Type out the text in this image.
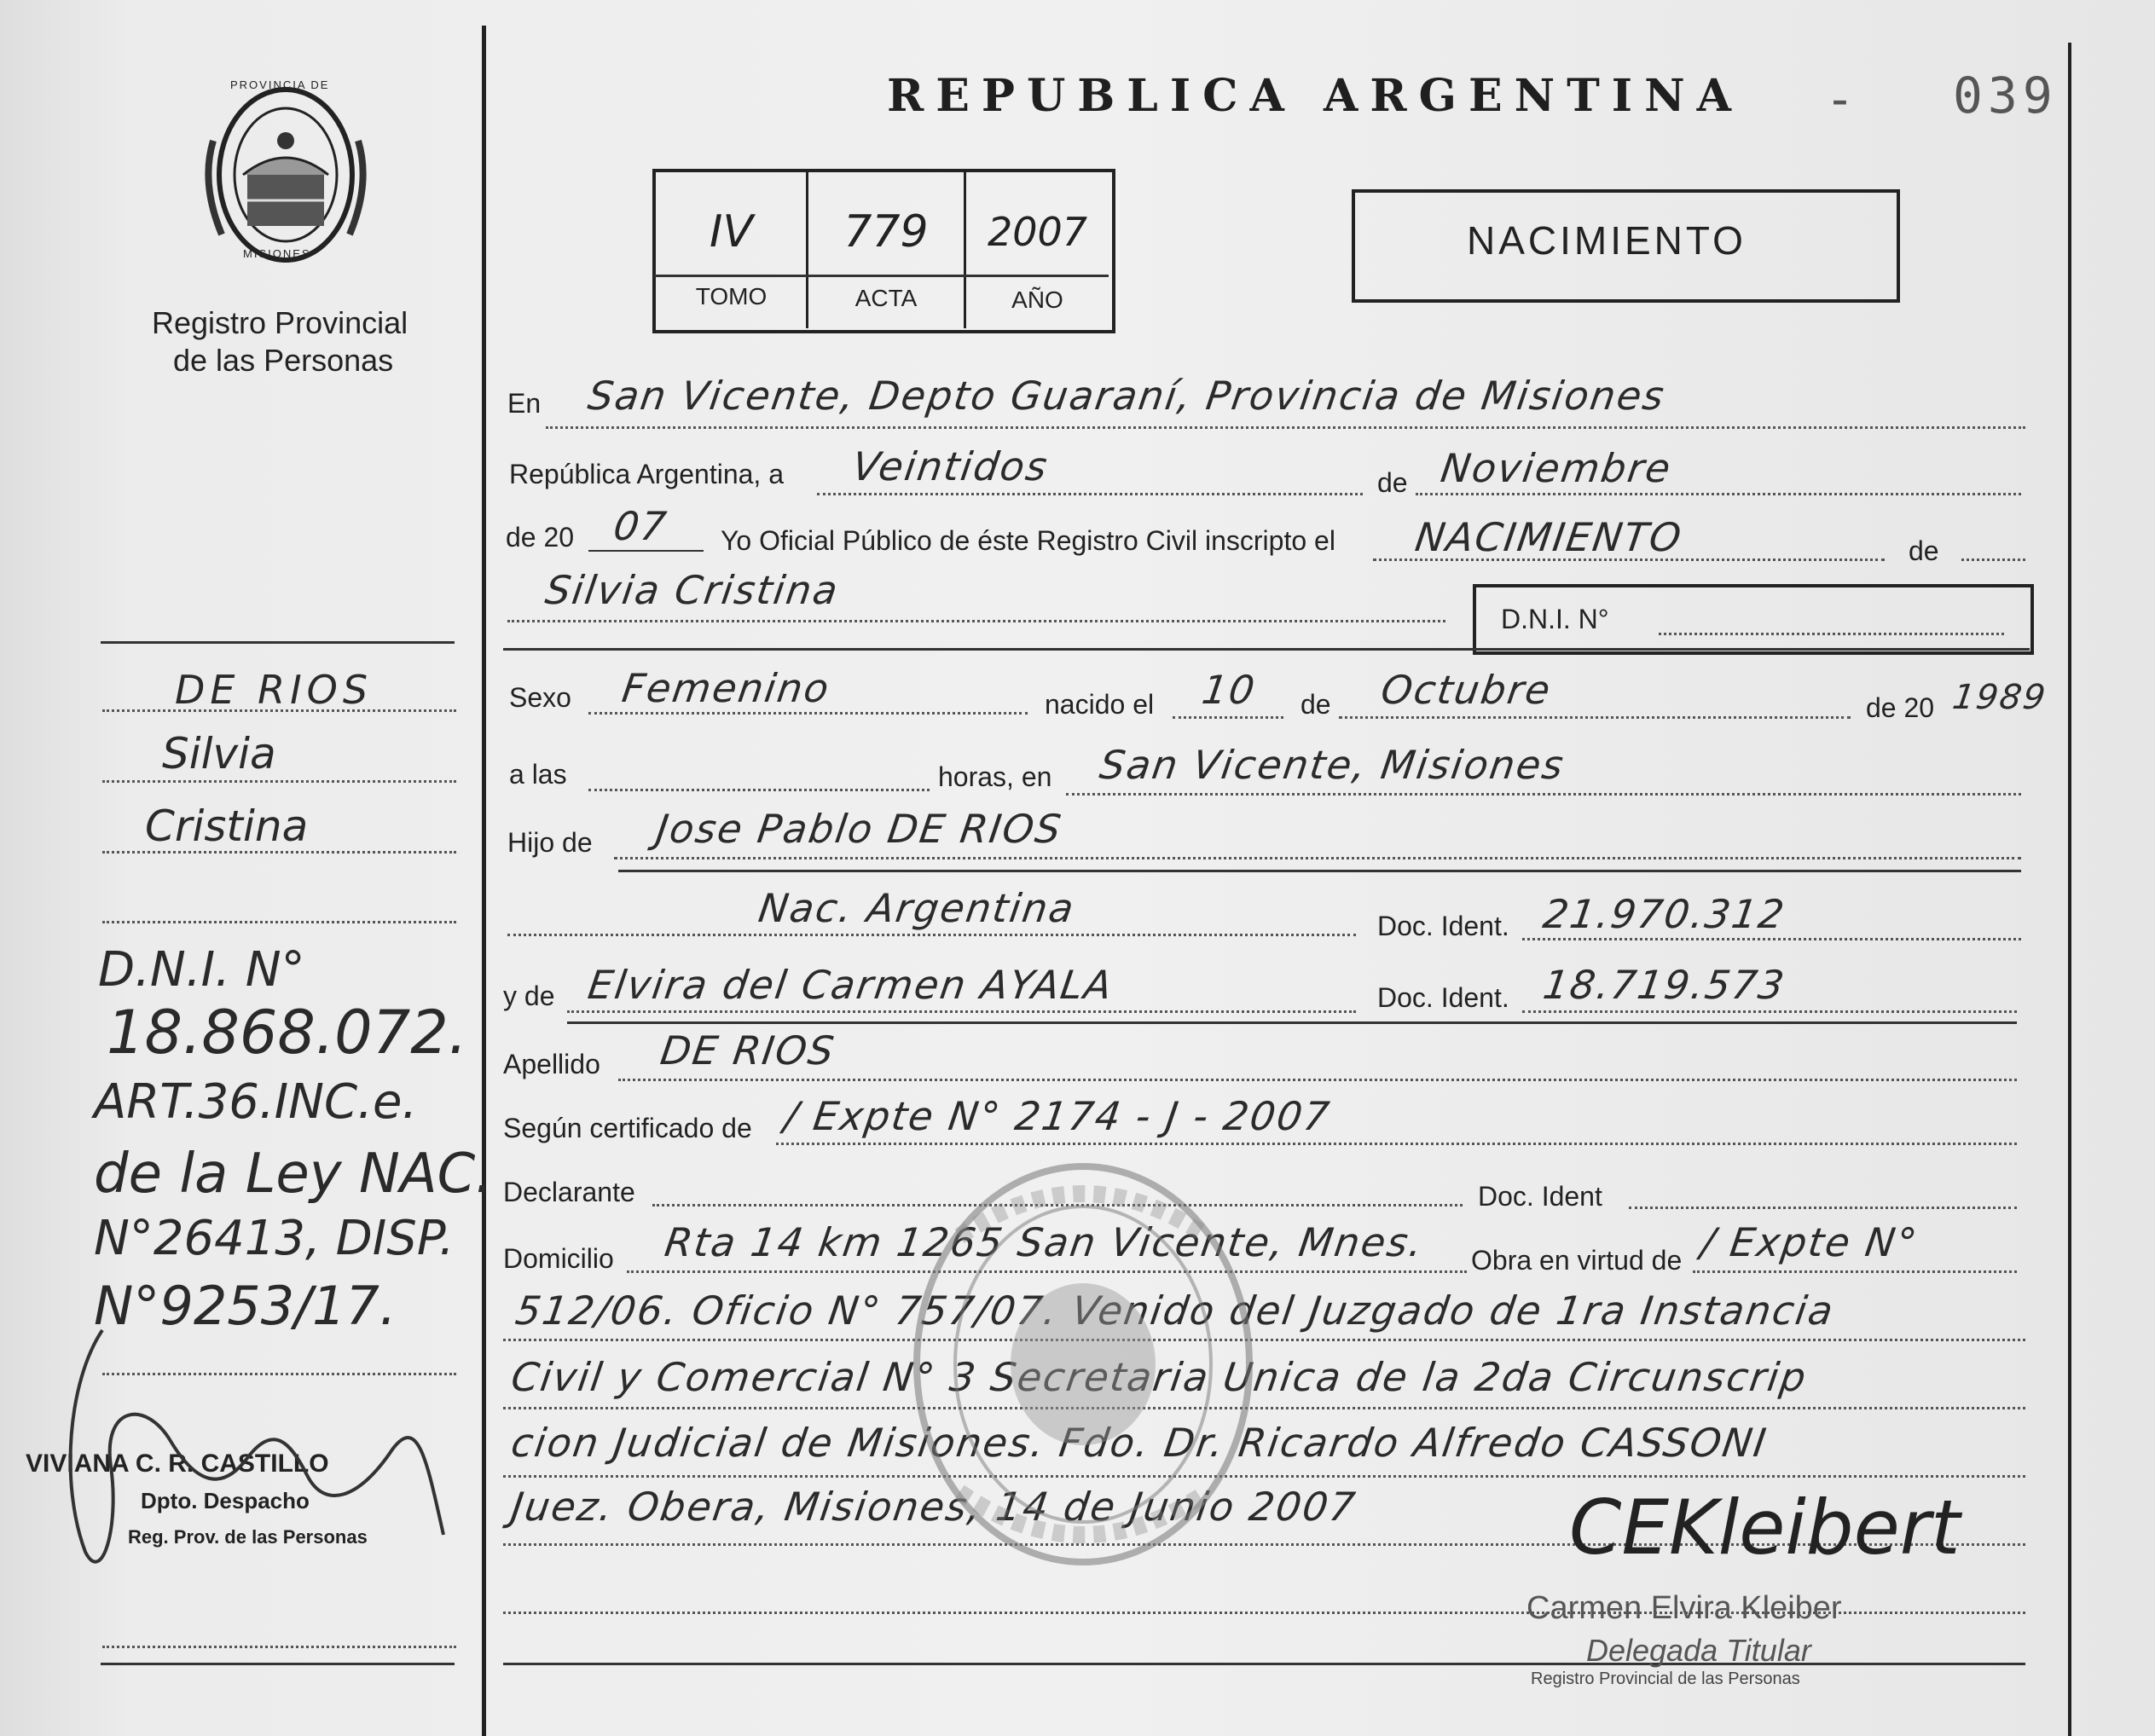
REPUBLICA ARGENTINA - 039
PROVINCIA DE
MISIONES
Registro Provincial
de las Personas
IV	779	2007
TOMO	ACTA	AÑO
NACIMIENTO
En San Vicente, Depto Guaraní, Provincia de Misiones
República Argentina, a Veintidos	de Noviembre
de 20 07 Yo Oficial Público de éste Registro Civil inscripto el NACIMIENTO	de
Silvia Cristina
D.N.I. N°
Sexo Femenino	nacido el 10 de Octubre	de 20 1989
a las	horas, en San Vicente, Misiones
Hijo de Jose Pablo DE RIOS
Nac. Argentina	Doc. Ident. 21.970.312
y de Elvira del Carmen AYALA	Doc. Ident. 18.719.573
Apellido DE RIOS
Según certificado de / Expte N° 2174 - J - 2007
Declarante	Doc. Ident
Domicilio Rta 14 km 1265 San Vicente, Mnes. Obra en virtud de / Expte N°
512/06. Oficio N° 757/07. Venido del Juzgado de 1ra Instancia
Civil y Comercial N° 3 Secretaria Unica de la 2da Circunscrip
cion Judicial de Misiones. Fdo. Dr. Ricardo Alfredo CASSONI
Juez. Obera, Misiones, 14 de Junio 2007	CEKleibert
Carmen Elvira Kleiber
Delegada Titular
Registro Provincial de las Personas
DE RIOS
Silvia
Cristina
D.N.I. N°
18.868.072.
ART.36.INC.e.
de la Ley NAC.
N°26413, DISP.
N°9253/17.
VIVIANA C. R. CASTILLO
Dpto. Despacho
Reg. Prov. de las Personas
